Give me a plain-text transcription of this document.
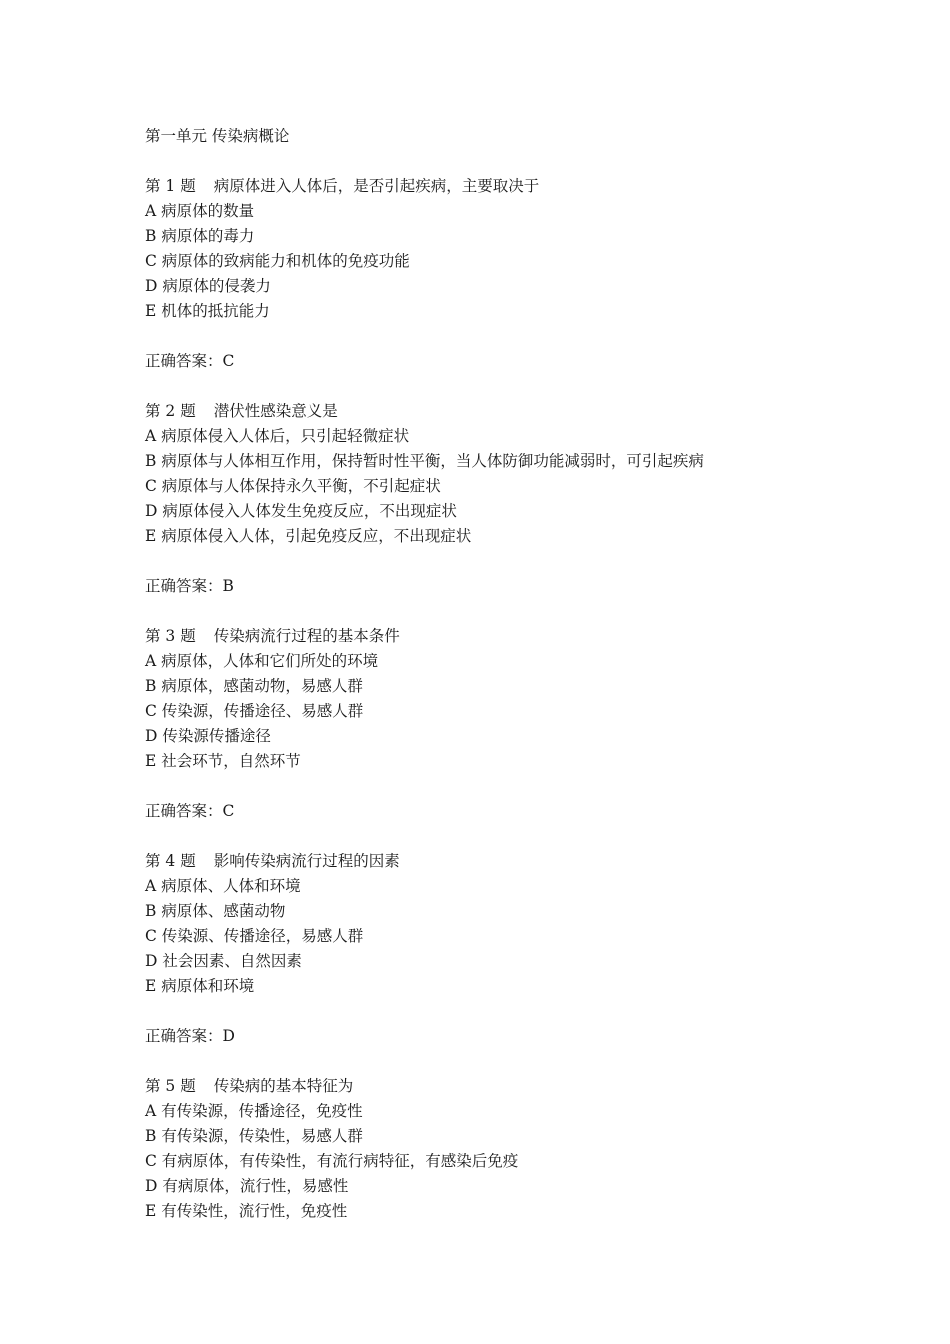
第一单元 传染病概论
第 1 题 病原体进入人体后，是否引起疾病，主要取决于
A 病原体的数量
B 病原体的毒力
C 病原体的致病能力和机体的免疫功能
D 病原体的侵袭力
E 机体的抵抗能力
正确答案：C
第 2 题 潜伏性感染意义是
A 病原体侵入人体后，只引起轻微症状
B 病原体与人体相互作用，保持暂时性平衡，当人体防御功能减弱时，可引起疾病
C 病原体与人体保持永久平衡，不引起症状
D 病原体侵入人体发生免疫反应，不出现症状
E 病原体侵入人体，引起免疫反应，不出现症状
正确答案：B
第 3 题 传染病流行过程的基本条件
A 病原体，人体和它们所处的环境
B 病原体，感菌动物，易感人群
C 传染源，传播途径、易感人群
D 传染源传播途径
E 社会环节，自然环节
正确答案：C
第 4 题 影响传染病流行过程的因素
A 病原体、人体和环境
B 病原体、感菌动物
C 传染源、传播途径，易感人群
D 社会因素、自然因素
E 病原体和环境
正确答案：D
第 5 题 传染病的基本特征为
A 有传染源，传播途径，免疫性
B 有传染源，传染性，易感人群
C 有病原体，有传染性，有流行病特征，有感染后免疫
D 有病原体，流行性，易感性
E 有传染性，流行性，免疫性
